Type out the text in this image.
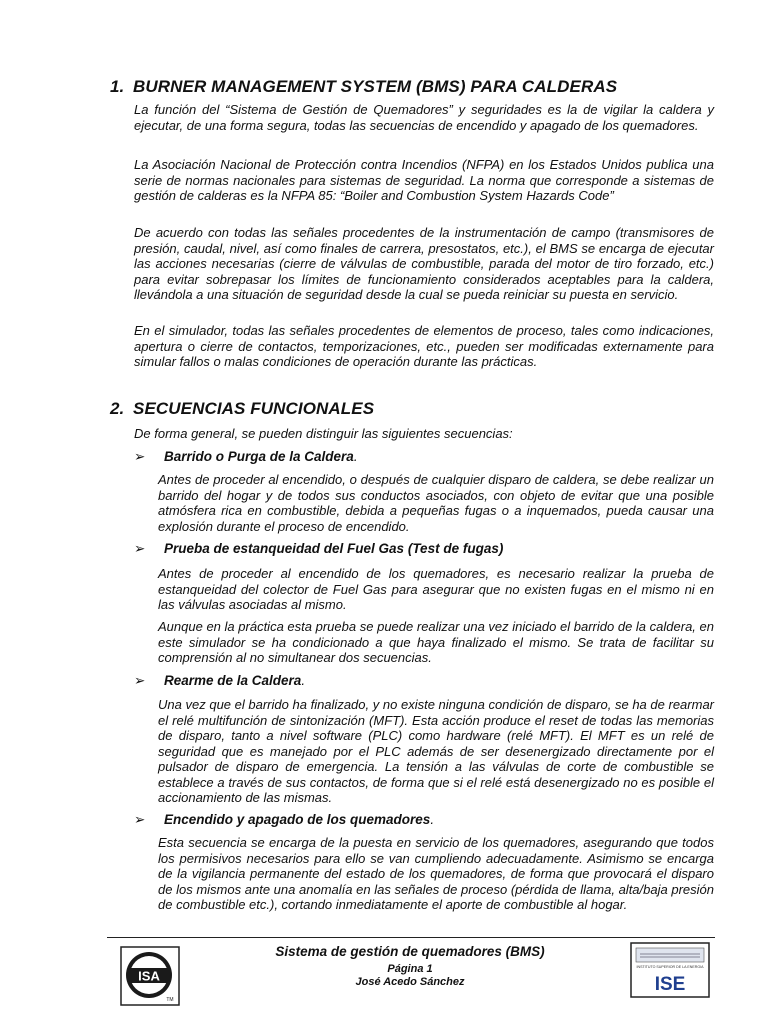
1. BURNER MANAGEMENT SYSTEM (BMS) PARA CALDERAS

La función del “Sistema de Gestión de Quemadores” y seguridades es la de vigilar la caldera y ejecutar, de una forma segura, todas las secuencias de encendido y apagado de los quemadores.

La Asociación Nacional de Protección contra Incendios (NFPA) en los Estados Unidos publica una serie de normas nacionales para sistemas de seguridad. La norma que corresponde a sistemas de gestión de calderas es la NFPA 85: “Boiler and Combustion System Hazards Code”

De acuerdo con todas las señales procedentes de la instrumentación de campo (transmisores de presión, caudal, nivel, así como finales de carrera, presostatos, etc.), el BMS se encarga de ejecutar las acciones necesarias (cierre de válvulas de combustible, parada del motor de tiro forzado, etc.) para evitar sobrepasar los límites de funcionamiento considerados aceptables para la caldera, llevándola a una situación de seguridad desde la cual se pueda reiniciar su puesta en servicio.

En el simulador, todas las señales procedentes de elementos de proceso, tales como indicaciones, apertura o cierre de contactos, temporizaciones, etc., pueden ser modificadas externamente para simular fallos o malas condiciones de operación durante las prácticas.

2. SECUENCIAS FUNCIONALES

De forma general, se pueden distinguir las siguientes secuencias:

➢ Barrido o Purga de la Caldera.

Antes de proceder al encendido, o después de cualquier disparo de caldera, se debe realizar un barrido del hogar y de todos sus conductos asociados, con objeto de evitar que una posible atmósfera rica en combustible, debida a pequeñas fugas o a inquemados, pueda causar una explosión durante el proceso de encendido.

➢ Prueba de estanqueidad del Fuel Gas (Test de fugas)

Antes de proceder al encendido de los quemadores, es necesario realizar la prueba de estanqueidad del colector de Fuel Gas para asegurar que no existen fugas en el mismo ni en las válvulas asociadas al mismo.

Aunque en la práctica esta prueba se puede realizar una vez iniciado el barrido de la caldera, en este simulador se ha condicionado a que haya finalizado el mismo. Se trata de facilitar su comprensión al no simultanear dos secuencias.

➢ Rearme de la Caldera.

Una vez que el barrido ha finalizado, y no existe ninguna condición de disparo, se ha de rearmar el relé multifunción de sintonización (MFT). Esta acción produce el reset de todas las memorias de disparo, tanto a nivel software (PLC) como hardware (relé MFT). El MFT es un relé de seguridad que es manejado por el PLC además de ser desenergizado directamente por el pulsador de disparo de emergencia. La tensión a las válvulas de corte de combustible se establece a través de sus contactos, de forma que si el relé está desenergizado no es posible el accionamiento de las mismas.

➢ Encendido y apagado de los quemadores.

Esta secuencia se encarga de la puesta en servicio de los quemadores, asegurando que todos los permisivos necesarios para ello se van cumpliendo adecuadamente. Asimismo se encarga de la vigilancia permanente del estado de los quemadores, de forma que provocará el disparo de los mismos ante una anomalía en las señales de proceso (pérdida de llama, alta/baja presión de combustible etc.), cortando inmediatamente el aporte de combustible al hogar.

ISA
TM
Sistema de gestión de quemadores (BMS)
Página 1
José Acedo Sánchez
INSTITUTO SUPERIOR DE LA ENERGIA
ISE
